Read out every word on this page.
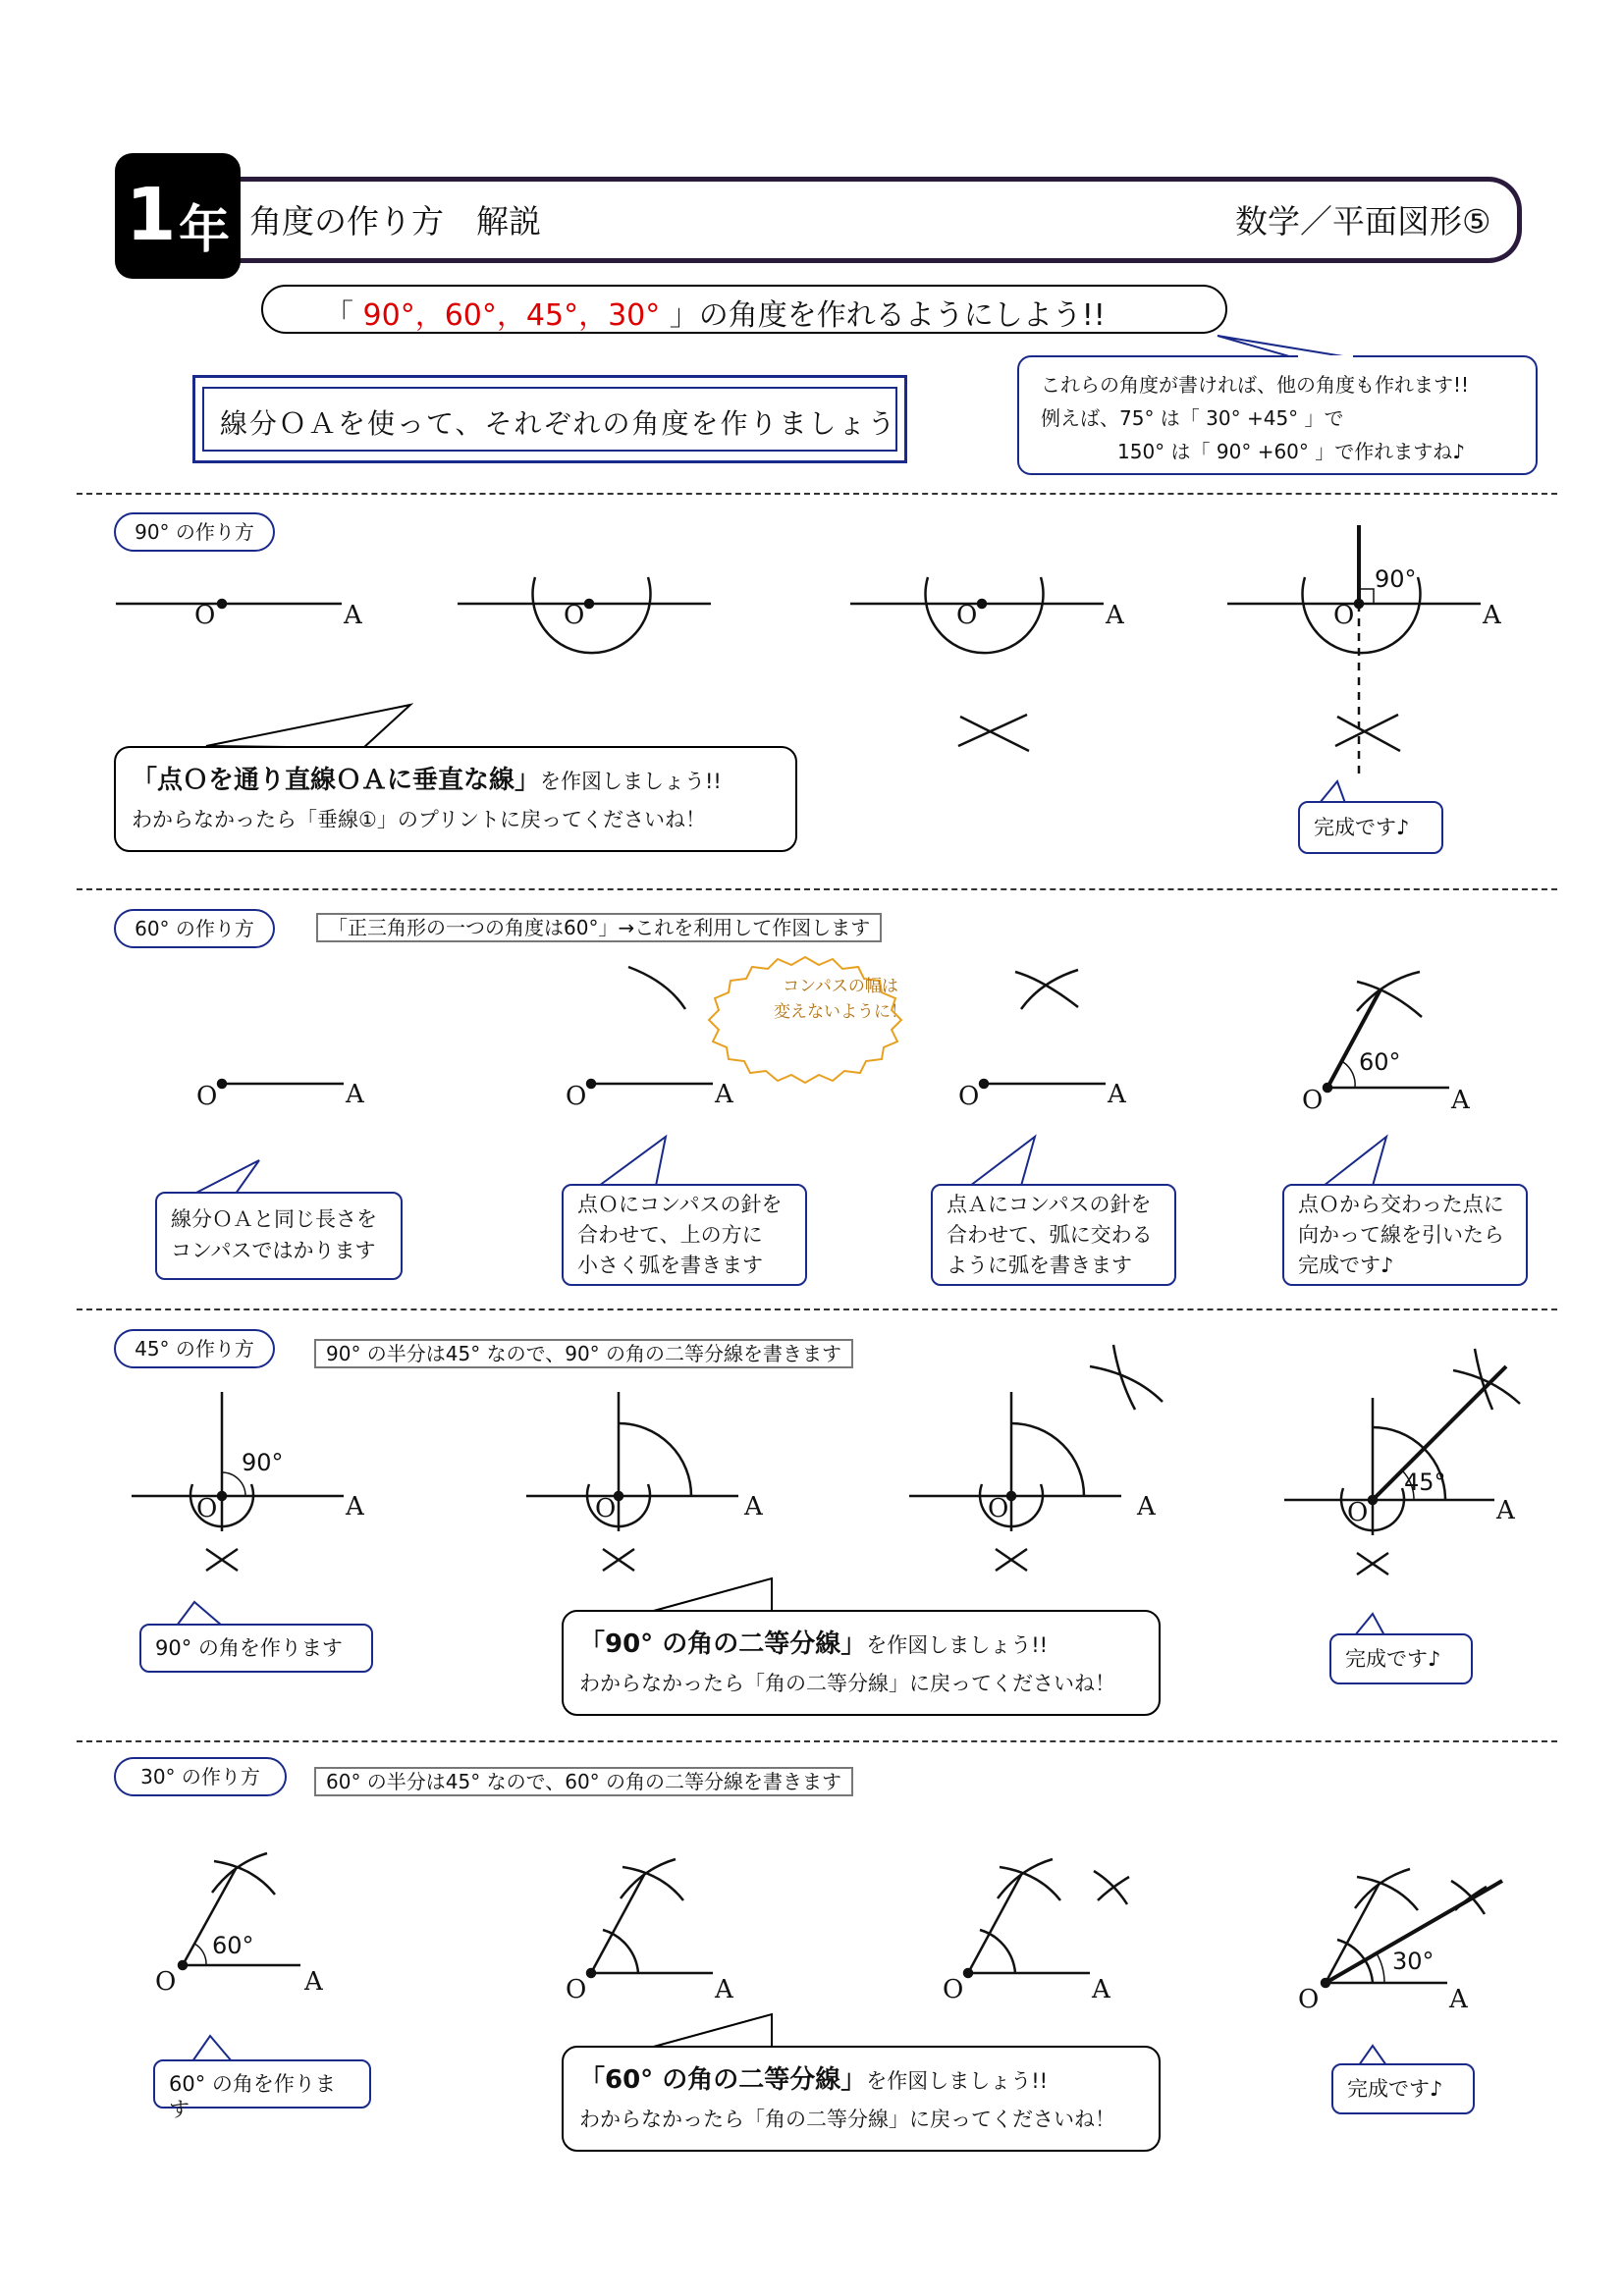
1 年 角度の作り方　解説	数学／平面図形⑤
「 90°，60°，45°，30° 」の角度を作れるようにしよう!!
線分ＯＡを使って、それぞれの角度を作りましょう
これらの角度が書ければ、他の角度も作れます!!
例えば、75° は「 30° +45° 」で
150° は「 90° +60° 」で作れますね♪
O	A	O	O	A	O	A
90°
O	A	O	A	O	A	O	A
60°
O	A
90°
O	A	O	A	O	A
45°
O	A
60°
O	A	O	A	O	A
30°
90° の作り方
「点Ｏを通り直線ＯＡに垂直な線」を作図しましょう!!
わからなかったら「垂線①」のプリントに戻ってくださいね！	完成です♪
60° の作り方	「正三角形の一つの角度は60°」→これを利用して作図します
コンパスの幅は
変えないように！
線分ＯＡと同じ長さを
コンパスではかります
点Ｏにコンパスの針を
合わせて、上の方に
小さく弧を書きます
点Ａにコンパスの針を
合わせて、弧に交わる
ように弧を書きます
点Ｏから交わった点に
向かって線を引いたら
完成です♪
45° の作り方	90° の半分は45° なので、90° の角の二等分線を書きます
90° の角を作ります	「90° の角の二等分線」を作図しましょう!!
わからなかったら「角の二等分線」に戻ってくださいね！
完成です♪
30° の作り方	60° の半分は45° なので、60° の角の二等分線を書きます
60° の角を作ります
「60° の角の二等分線」を作図しましょう!!
わからなかったら「角の二等分線」に戻ってくださいね！
完成です♪
